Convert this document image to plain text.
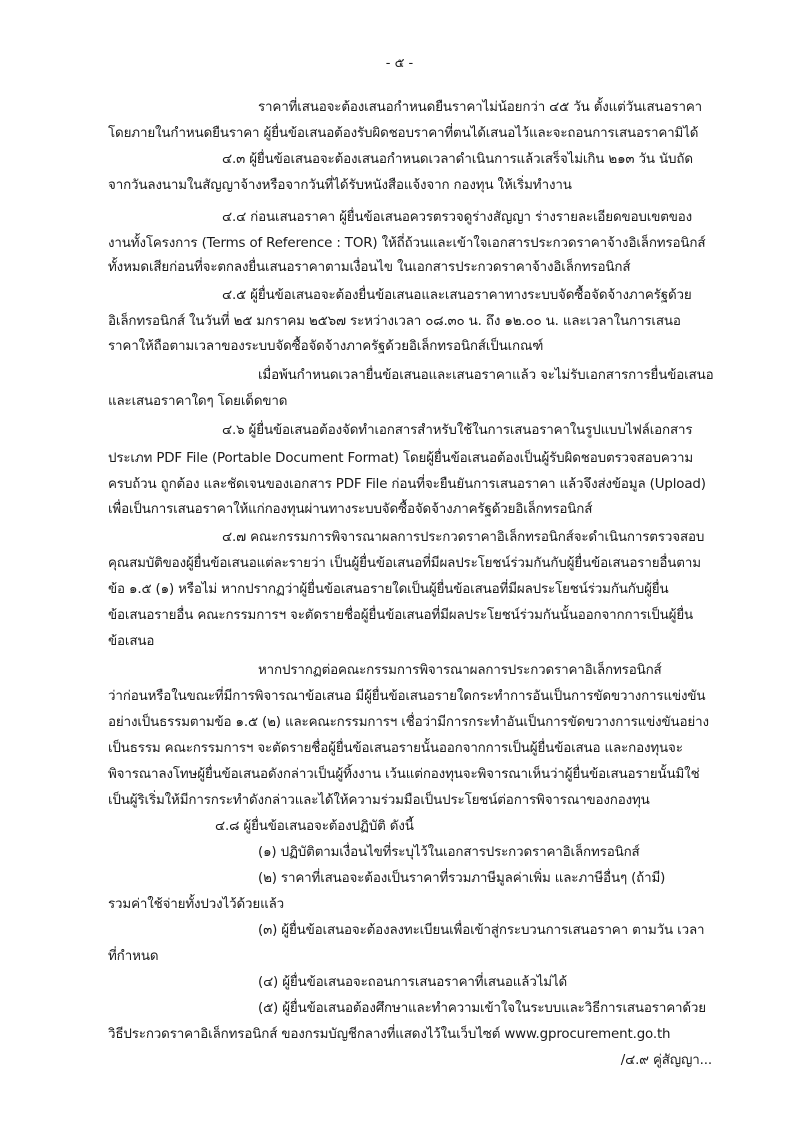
- ๕ -
ราคาที่เสนอจะต้องเสนอกำหนดยืนราคาไม่น้อยกว่า ๔๕ วัน ตั้งแต่วันเสนอราคา
โดยภายในกำหนดยืนราคา ผู้ยื่นข้อเสนอต้องรับผิดชอบราคาที่ตนได้เสนอไว้และจะถอนการเสนอราคามิได้
๔.๓ ผู้ยื่นข้อเสนอจะต้องเสนอกำหนดเวลาดำเนินการแล้วเสร็จไม่เกิน ๒๑๓ วัน นับถัด
จากวันลงนามในสัญญาจ้างหรือจากวันที่ได้รับหนังสือแจ้งจาก กองทุน ให้เริ่มทำงาน
๔.๔ ก่อนเสนอราคา ผู้ยื่นข้อเสนอควรตรวจดูร่างสัญญา ร่างรายละเอียดขอบเขตของ
งานทั้งโครงการ (Terms of Reference : TOR) ให้ถี่ถ้วนและเข้าใจเอกสารประกวดราคาจ้างอิเล็กทรอนิกส์
ทั้งหมดเสียก่อนที่จะตกลงยื่นเสนอราคาตามเงื่อนไข ในเอกสารประกวดราคาจ้างอิเล็กทรอนิกส์
๔.๕ ผู้ยื่นข้อเสนอจะต้องยื่นข้อเสนอและเสนอราคาทางระบบจัดซื้อจัดจ้างภาครัฐด้วย
อิเล็กทรอนิกส์ ในวันที่ ๒๕ มกราคม ๒๕๖๗ ระหว่างเวลา ๐๘.๓๐ น. ถึง ๑๒.๐๐ น. และเวลาในการเสนอ
ราคาให้ถือตามเวลาของระบบจัดซื้อจัดจ้างภาครัฐด้วยอิเล็กทรอนิกส์เป็นเกณฑ์
เมื่อพ้นกำหนดเวลายื่นข้อเสนอและเสนอราคาแล้ว จะไม่รับเอกสารการยื่นข้อเสนอ
และเสนอราคาใดๆ โดยเด็ดขาด
๔.๖ ผู้ยื่นข้อเสนอต้องจัดทำเอกสารสำหรับใช้ในการเสนอราคาในรูปแบบไฟล์เอกสาร
ประเภท PDF File (Portable Document Format) โดยผู้ยื่นข้อเสนอต้องเป็นผู้รับผิดชอบตรวจสอบความ
ครบถ้วน ถูกต้อง และชัดเจนของเอกสาร PDF File ก่อนที่จะยืนยันการเสนอราคา แล้วจึงส่งข้อมูล (Upload)
เพื่อเป็นการเสนอราคาให้แก่กองทุนผ่านทางระบบจัดซื้อจัดจ้างภาครัฐด้วยอิเล็กทรอนิกส์
๔.๗ คณะกรรมการพิจารณาผลการประกวดราคาอิเล็กทรอนิกส์จะดำเนินการตรวจสอบ
คุณสมบัติของผู้ยื่นข้อเสนอแต่ละรายว่า เป็นผู้ยื่นข้อเสนอที่มีผลประโยชน์ร่วมกันกับผู้ยื่นข้อเสนอรายอื่นตาม
ข้อ ๑.๕ (๑) หรือไม่ หากปรากฏว่าผู้ยื่นข้อเสนอรายใดเป็นผู้ยื่นข้อเสนอที่มีผลประโยชน์ร่วมกันกับผู้ยื่น
ข้อเสนอรายอื่น คณะกรรมการฯ จะตัดรายชื่อผู้ยื่นข้อเสนอที่มีผลประโยชน์ร่วมกันนั้นออกจากการเป็นผู้ยื่น
ข้อเสนอ
หากปรากฏต่อคณะกรรมการพิจารณาผลการประกวดราคาอิเล็กทรอนิกส์
ว่าก่อนหรือในขณะที่มีการพิจารณาข้อเสนอ มีผู้ยื่นข้อเสนอรายใดกระทำการอันเป็นการขัดขวางการแข่งขัน
อย่างเป็นธรรมตามข้อ ๑.๕ (๒) และคณะกรรมการฯ เชื่อว่ามีการกระทำอันเป็นการขัดขวางการแข่งขันอย่าง
เป็นธรรม คณะกรรมการฯ จะตัดรายชื่อผู้ยื่นข้อเสนอรายนั้นออกจากการเป็นผู้ยื่นข้อเสนอ และกองทุนจะ
พิจารณาลงโทษผู้ยื่นข้อเสนอดังกล่าวเป็นผู้ทิ้งงาน เว้นแต่กองทุนจะพิจารณาเห็นว่าผู้ยื่นข้อเสนอรายนั้นมิใช่
เป็นผู้ริเริ่มให้มีการกระทำดังกล่าวและได้ให้ความร่วมมือเป็นประโยชน์ต่อการพิจารณาของกองทุน
๔.๘ ผู้ยื่นข้อเสนอจะต้องปฏิบัติ ดังนี้
(๑) ปฏิบัติตามเงื่อนไขที่ระบุไว้ในเอกสารประกวดราคาอิเล็กทรอนิกส์
(๒) ราคาที่เสนอจะต้องเป็นราคาที่รวมภาษีมูลค่าเพิ่ม และภาษีอื่นๆ (ถ้ามี)
รวมค่าใช้จ่ายทั้งปวงไว้ด้วยแล้ว
(๓) ผู้ยื่นข้อเสนอจะต้องลงทะเบียนเพื่อเข้าสู่กระบวนการเสนอราคา ตามวัน เวลา
ที่กำหนด
(๔) ผู้ยื่นข้อเสนอจะถอนการเสนอราคาที่เสนอแล้วไม่ได้
(๕) ผู้ยื่นข้อเสนอต้องศึกษาและทำความเข้าใจในระบบและวิธีการเสนอราคาด้วย
วิธีประกวดราคาอิเล็กทรอนิกส์ ของกรมบัญชีกลางที่แสดงไว้ในเว็บไซต์ www.gprocurement.go.th
/๔.๙ คู่สัญญา...
